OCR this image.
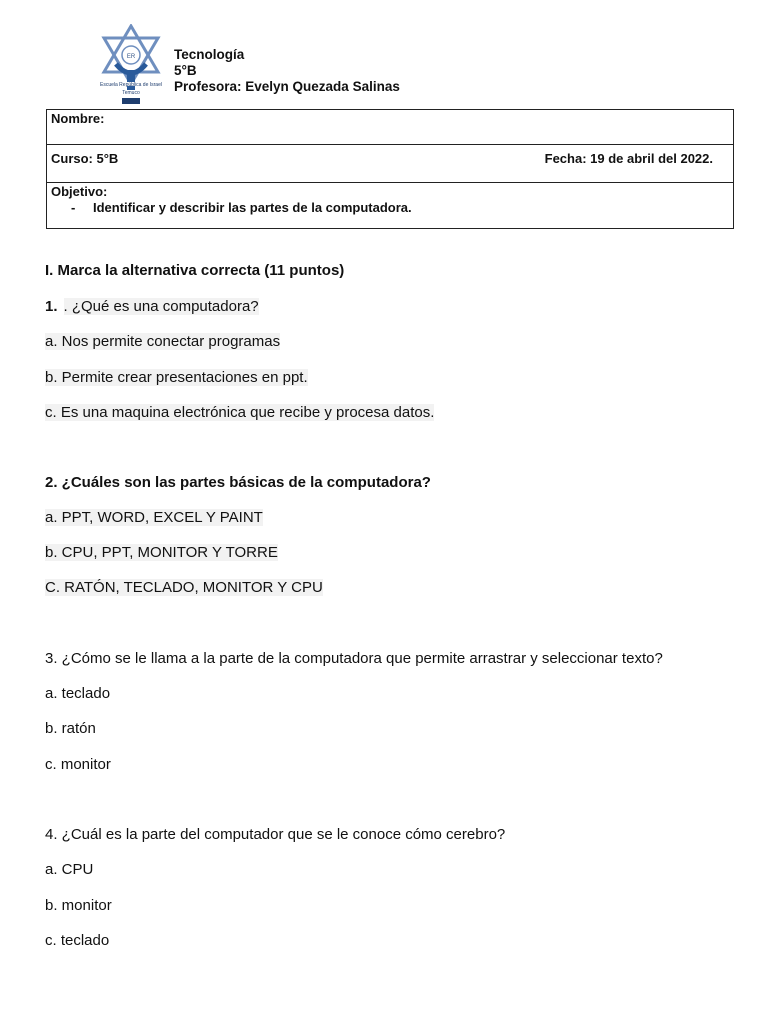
ER
Escuela República de Israel
Temuco
Tecnología
5°B
Profesora: Evelyn Quezada Salinas
Nombre:
Curso: 5°B	Fecha: 19 de abril del 2022.
Objetivo:
- Identificar y describir las partes de la computadora.
I. Marca la alternativa correcta (11 puntos)
1. . ¿Qué es una computadora?
a. Nos permite conectar programas
b. Permite crear presentaciones en ppt.
c. Es una maquina electrónica que recibe y procesa datos.
2. ¿Cuáles son las partes básicas de la computadora?
a. PPT, WORD, EXCEL Y PAINT
b. CPU, PPT, MONITOR Y TORRE
C. RATÓN, TECLADO, MONITOR Y CPU
3. ¿Cómo se le llama a la parte de la computadora que permite arrastrar y seleccionar texto?
a. teclado
b. ratón
c. monitor
4. ¿Cuál es la parte del computador que se le conoce cómo cerebro?
a. CPU
b. monitor
c. teclado
